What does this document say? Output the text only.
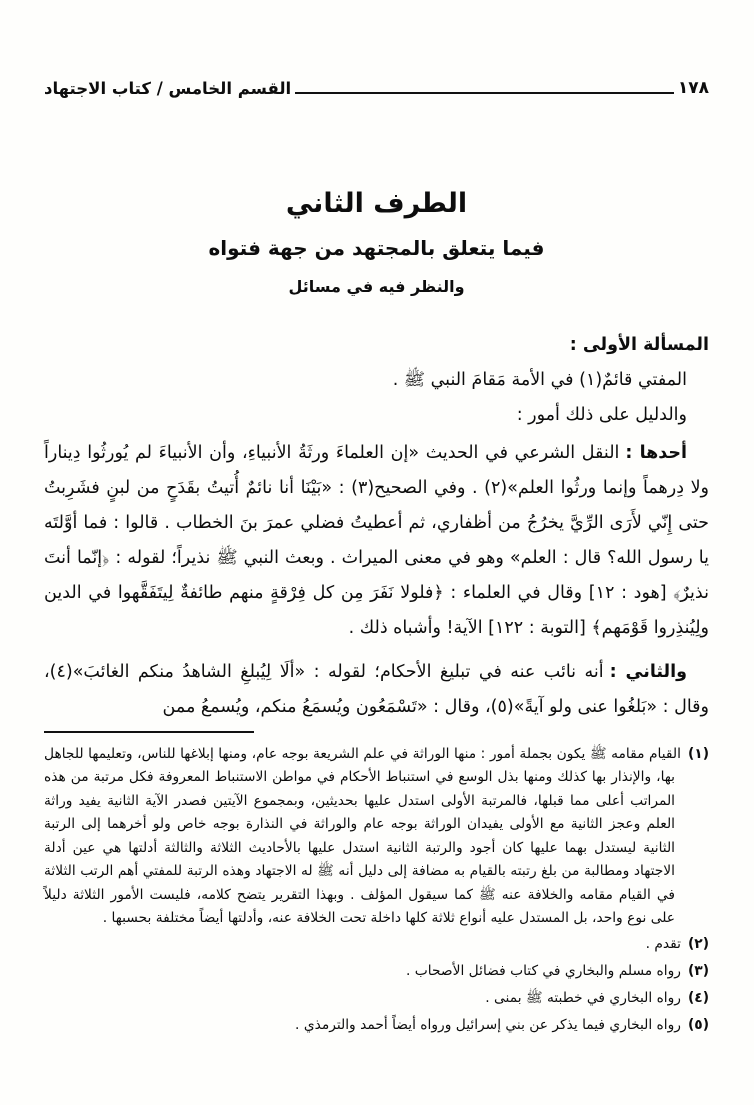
١٧٨
القسم الخامس / كتاب الاجتهاد
الطرف الثاني
فيما يتعلق بالمجتهد من جهة فتواه
والنظر فيه في مسائل
المسألة الأولى :
المفتي قائمٌ(١) في الأمة مَقامَ النبي ﷺ .
والدليل على ذلك أمور :
أحدها :النقل الشرعي في الحديث «إن العلماءَ ورثَةُ الأنبياءِ، وأن الأنبياءَ لم يُورثُوا دِيناراً ولا دِرهماً وإنما ورثُوا العلم»(٢) . وفي الصحيح(٣) : «بَيْنَا أنا نائمٌ أُتيتُ بقَدَحٍ من لبنٍ فشَرِبتُ حتى إِنّي لأَرَى الرِّيَّ يخرُجُ من أظفاري، ثم أعطيتُ فضلي عمرَ بنَ الخطاب . قالوا : فما أوَّلتَه يا رسول الله؟ قال : العلم» وهو في معنى الميراث . وبعث النبي ﷺ نذيراً؛ لقوله : ﴿إنّما أنتَ نذيرٌ﴾ [هود : ١٢] وقال في العلماء : ﴿فلولا نَفَرَ مِن كل فِرْقةٍ منهم طائفةٌ لِيتَفَقَّهوا في الدين ولِيُنذِروا قَوْمَهم﴾ [التوبة : ١٢٢] الآية! وأشباه ذلك .
والثاني :أنه نائب عنه في تبليغ الأحكام؛ لقوله : «ألَا لِيُبلغِ الشاهدُ منكم الغائبَ»(٤)، وقال : «بَلغُوا عنى ولو آيةً»(٥)، وقال : «تَسْمَعُون ويُسمَعُ منكم، ويُسمعُ ممن
(١)القيام مقامه ﷺ يكون بجملة أمور : منها الوراثة في علم الشريعة بوجه عام، ومنها إبلاغها للناس، وتعليمها للجاهل بها، والإنذار بها كذلك ومنها بذل الوسع في استنباط الأحكام في مواطن الاستنباط المعروفة فكل مرتبة من هذه المراتب أعلى مما قبلها، فالمرتبة الأولى استدل عليها بحديثين، وبمجموع الآيتين فصدر الآية الثانية يفيد وراثة العلم وعجز الثانية مع الأولى يفيدان الوراثة بوجه عام والوراثة في النذارة بوجه خاص ولو أخرهما إلى الرتبة الثانية ليستدل بهما عليها كان أجود والرتبة الثانية استدل عليها بالأحاديث الثلاثة والثالثة أدلتها هي عين أدلة الاجتهاد ومطالبة من بلغ رتبته بالقيام به مضافة إلى دليل أنه ﷺ له الاجتهاد وهذه الرتبة للمفتي أهم الرتب الثلاثة في القيام مقامه والخلافة عنه ﷺ كما سيقول المؤلف . وبهذا التقرير يتضح كلامه، فليست الأمور الثلاثة دليلاً على نوع واحد، بل المستدل عليه أنواع ثلاثة كلها داخلة تحت الخلافة عنه، وأدلتها أيضاً مختلفة بحسبها .
(٢)تقدم .
(٣)رواه مسلم والبخاري في كتاب فضائل الأصحاب .
(٤)رواه البخاري في خطبته ﷺ بمنى .
(٥)رواه البخاري فيما يذكر عن بني إسرائيل ورواه أيضاً أحمد والترمذي .
